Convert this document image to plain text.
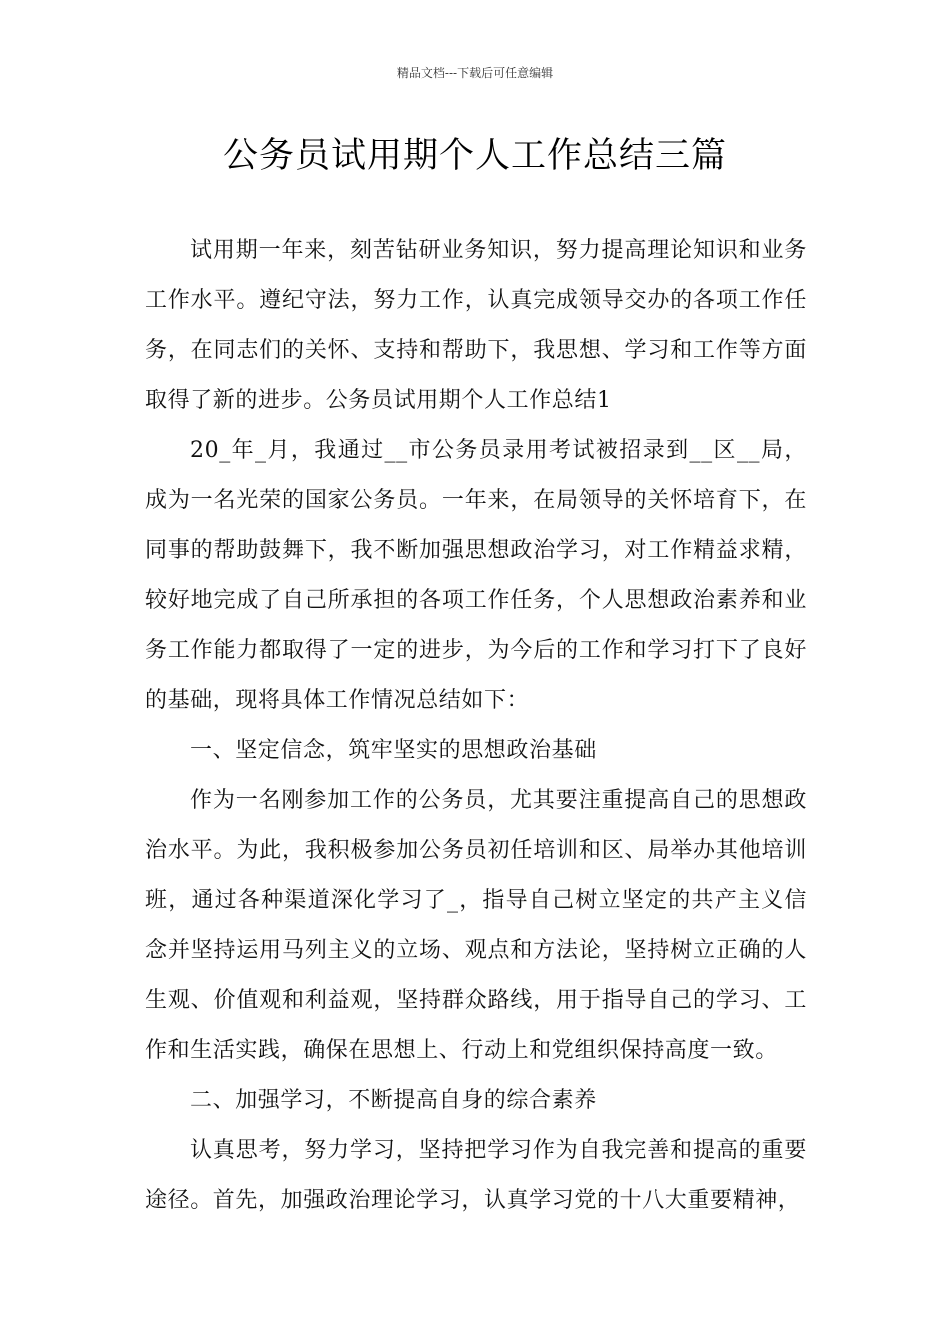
精品文档---下载后可任意编辑
公务员试用期个人工作总结三篇

试用期一年来，刻苦钻研业务知识，努力提高理论知识和业务工作水平。遵纪守法，努力工作，认真完成领导交办的各项工作任务，在同志们的关怀、支持和帮助下，我思想、学习和工作等方面取得了新的进步。公务员试用期个人工作总结1

20_年_月，我通过__市公务员录用考试被招录到__区__局，成为一名光荣的国家公务员。一年来，在局领导的关怀培育下，在同事的帮助鼓舞下，我不断加强思想政治学习，对工作精益求精，较好地完成了自己所承担的各项工作任务，个人思想政治素养和业务工作能力都取得了一定的进步，为今后的工作和学习打下了良好的基础，现将具体工作情况总结如下：

一、坚定信念，筑牢坚实的思想政治基础

作为一名刚参加工作的公务员，尤其要注重提高自己的思想政治水平。为此，我积极参加公务员初任培训和区、局举办其他培训班，通过各种渠道深化学习了_，指导自己树立坚定的共产主义信念并坚持运用马列主义的立场、观点和方法论，坚持树立正确的人生观、价值观和利益观，坚持群众路线，用于指导自己的学习、工作和生活实践，确保在思想上、行动上和党组织保持高度一致。

二、加强学习，不断提高自身的综合素养

认真思考，努力学习，坚持把学习作为自我完善和提高的重要途径。首先，加强政治理论学习，认真学习党的十八大重要精神，
